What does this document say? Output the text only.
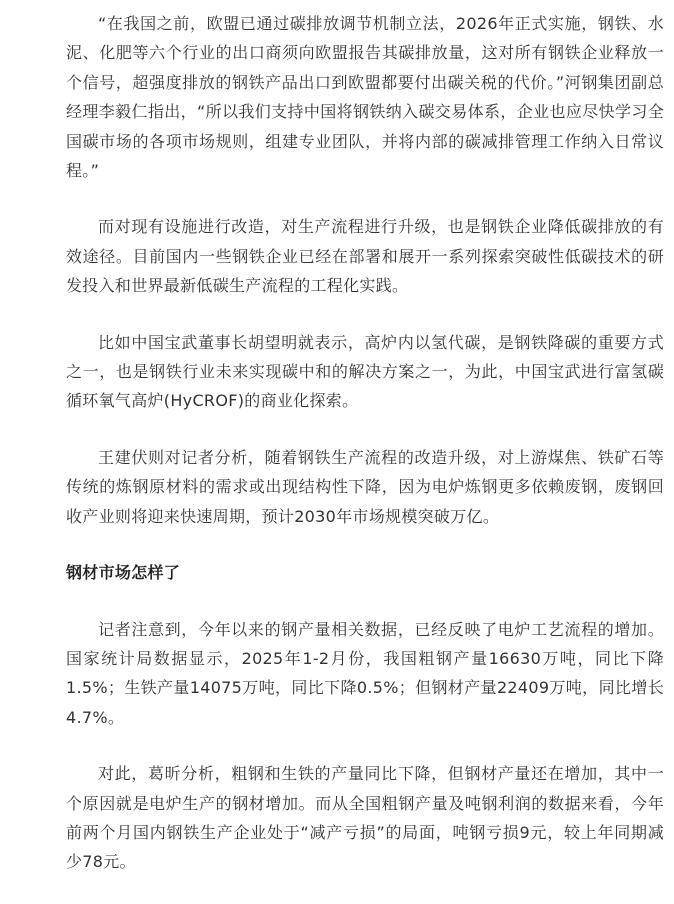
“在我国之前，欧盟已通过碳排放调节机制立法，2026年正式实施，钢铁、水泥、化肥等六个行业的出口商须向欧盟报告其碳排放量，这对所有钢铁企业释放一个信号，超强度排放的钢铁产品出口到欧盟都要付出碳关税的代价。”河钢集团副总经理李毅仁指出，“所以我们支持中国将钢铁纳入碳交易体系，企业也应尽快学习全国碳市场的各项市场规则，组建专业团队，并将内部的碳减排管理工作纳入日常议程。”

而对现有设施进行改造，对生产流程进行升级，也是钢铁企业降低碳排放的有效途径。目前国内一些钢铁企业已经在部署和展开一系列探索突破性低碳技术的研发投入和世界最新低碳生产流程的工程化实践。

比如中国宝武董事长胡望明就表示，高炉内以氢代碳，是钢铁降碳的重要方式之一，也是钢铁行业未来实现碳中和的解决方案之一，为此，中国宝武进行富氢碳循环氧气高炉(HyCROF)的商业化探索。

王建伏则对记者分析，随着钢铁生产流程的改造升级，对上游煤焦、铁矿石等传统的炼钢原材料的需求或出现结构性下降，因为电炉炼钢更多依赖废钢，废钢回收产业则将迎来快速周期，预计2030年市场规模突破万亿。

钢材市场怎样了

记者注意到，今年以来的钢产量相关数据，已经反映了电炉工艺流程的增加。国家统计局数据显示，2025年1-2月份，我国粗钢产量16630万吨，同比下降1.5%；生铁产量14075万吨，同比下降0.5%；但钢材产量22409万吨，同比增长4.7%。

对此，葛昕分析，粗钢和生铁的产量同比下降，但钢材产量还在增加，其中一个原因就是电炉生产的钢材增加。而从全国粗钢产量及吨钢利润的数据来看，今年前两个月国内钢铁生产企业处于“减产亏损”的局面，吨钢亏损9元，较上年同期减少78元。
